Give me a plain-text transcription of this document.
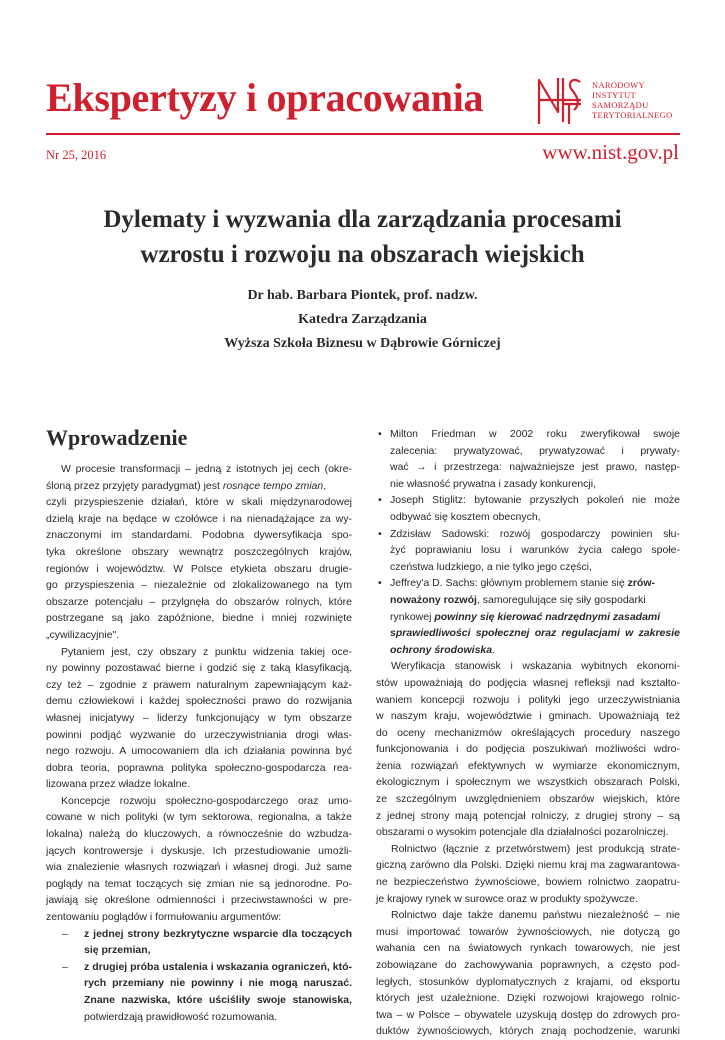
Ekspertyzy i opracowania	NARODOWY
INSTYTUT
SAMORZĄDU
TERYTORIALNEGO
Nr 25, 2016	www.nist.gov.pl
Dylematy i wyzwania dla zarządzania procesami
wzrostu i rozwoju na obszarach wiejskich
Dr hab. Barbara Piontek, prof. nadzw.
Katedra Zarządzania
Wyższa Szkoła Biznesu w Dąbrowie Górniczej
Wprowadzenie
W procesie transformacji – jedną z istotnych jej cech (okre-
śloną przez przyjęty paradygmat) jest rosnące tempo zmian,
czyli przyspieszenie działań, które w skali międzynarodowej
dzielą kraje na będące w czołówce i na nienadążające za wy-
znaczonymi im standardami. Podobna dywersyfikacja spo-
tyka określone obszary wewnątrz poszczególnych krajów,
regionów i województw. W Polsce etykieta obszaru drugie-
go przyspieszenia – niezależnie od zlokalizowanego na tym
obszarze potencjału – przylgnęła do obszarów rolnych, które
postrzegane są jako zapóźnione, biedne i mniej rozwinięte
„cywilizacyjnie".
Pytaniem jest, czy obszary z punktu widzenia takiej oce-
ny powinny pozostawać bierne i godzić się z taką klasyfikacją,
czy też – zgodnie z prawem naturalnym zapewniającym każ-
demu człowiekowi i każdej społeczności prawo do rozwijania
własnej inicjatywy – liderzy funkcjonujący w tym obszarze
powinni podjąć wyzwanie do urzeczywistniania drogi włas-
nego rozwoju. A umocowaniem dla ich działania powinna być
dobra teoria, poprawna polityka społeczno-gospodarcza rea-
lizowana przez władze lokalne.
Koncepcje rozwoju społeczno-gospodarczego oraz umo-
cowane w nich polityki (w tym sektorowa, regionalna, a także
lokalna) należą do kluczowych, a równocześnie do wzbudza-
jących kontrowersje i dyskusje. Ich przestudiowanie umożli-
wia znalezienie własnych rozwiązań i własnej drogi. Już same
poglądy na temat toczących się zmian nie są jednorodne. Po-
jawiają się określone odmienności i przeciwstawności w pre-
zentowaniu poglądów i formułowaniu argumentów:
– z jednej strony bezkrytyczne wsparcie dla toczących
się przemian,
– z drugiej próba ustalenia i wskazania ograniczeń, któ-
rych przemiany nie powinny i nie mogą naruszać.
Znane nazwiska, które uściśliły swoje stanowiska,
potwierdzają prawidłowość rozumowania.
• Milton Friedman w 2002 roku zweryfikował swoje
zalecenia: prywatyzować, prywatyzować i prywaty-
wać → i przestrzega: najważniejsze jest prawo, następ-
nie własność prywatna i zasady konkurencji,
• Joseph Stiglitz: bytowanie przyszłych pokoleń nie może
odbywać się kosztem obecnych,
• Zdzisław Sadowski: rozwój gospodarczy powinien słu-
żyć poprawianiu losu i warunków życia całego społe-
czeństwa ludzkiego, a nie tylko jego części,
• Jeffrey'a D. Sachs: głównym problemem stanie się zrów-
noważony rozwój, samoregulujące się siły gospodarki
rynkowej powinny się kierować nadrzędnymi zasadami
sprawiedliwości społecznej oraz regulacjami w zakresie
ochrony środowiska.
Weryfikacja stanowisk i wskazania wybitnych ekonomi-
stów upoważniają do podjęcia własnej refleksji nad kształto-
waniem koncepcji rozwoju i polityki jego urzeczywistniania
w naszym kraju, województwie i gminach. Upoważniają też
do oceny mechanizmów określających procedury naszego
funkcjonowania i do podjęcia poszukiwań możliwości wdro-
żenia rozwiązań efektywnych w wymiarze ekonomicznym,
ekologicznym i społecznym we wszystkich obszarach Polski,
ze szczególnym uwzględnieniem obszarów wiejskich, które
z jednej strony mają potencjał rolniczy, z drugiej strony – są
obszarami o wysokim potencjale dla działalności pozarolniczej.
Rolnictwo (łącznie z przetwórstwem) jest produkcją strate-
giczną zarówno dla Polski. Dzięki niemu kraj ma zagwarantowa-
ne bezpieczeństwo żywnościowe, bowiem rolnictwo zaopatru-
je krajowy rynek w surowce oraz w produkty spożywcze.
Rolnictwo daje także danemu państwu niezależność – nie
musi importować towarów żywnościowych, nie dotyczą go
wahania cen na światowych rynkach towarowych, nie jest
zobowiązane do zachowywania poprawnych, a często pod-
ległych, stosunków dyplomatycznych z krajami, od eksportu
których jest uzależnione. Dzięki rozwojowi krajowego rolnic-
twa – w Polsce – obywatele uzyskują dostęp do zdrowych pro-
duktów żywnościowych, których znają pochodzenie, warunki
